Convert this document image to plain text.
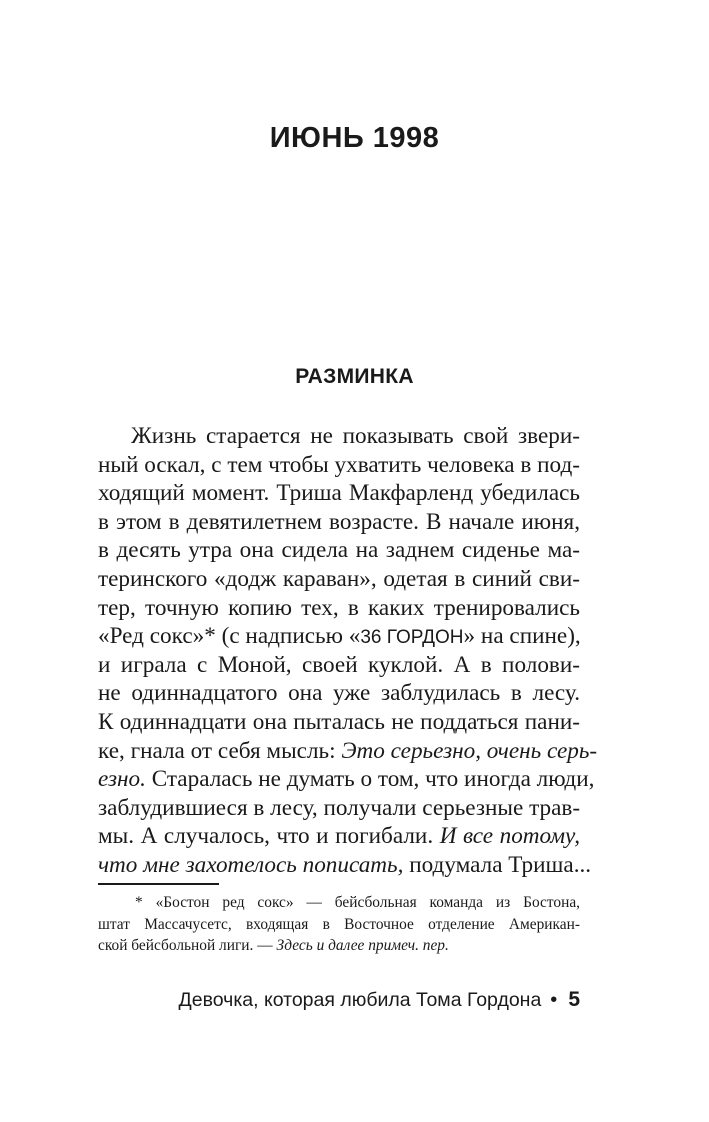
ИЮНЬ 1998
РАЗМИНКА
Жизнь старается не показывать свой звери-
ный оскал, с тем чтобы ухватить человека в под-
ходящий момент. Триша Макфарленд убедилась
в этом в девятилетнем возрасте. В начале июня,
в десять утра она сидела на заднем сиденье ма-
теринского «додж караван», одетая в синий сви-
тер, точную копию тех, в каких тренировались
«Ред сокс»* (с надписью «36 ГОРДОН» на спине),
и играла с Моной, своей куклой. А в полови-
не одиннадцатого она уже заблудилась в лесу.
К одиннадцати она пыталась не поддаться пани-
ке, гнала от себя мысль: Это серьезно, очень серь-
езно. Старалась не думать о том, что иногда люди,
заблудившиеся в лесу, получали серьезные трав-
мы. А случалось, что и погибали. И все потому,
что мне захотелось пописать, подумала Триша...
* «Бостон ред сокс» — бейсбольная команда из Бостона,
штат Массачусетс, входящая в Восточное отделение Американ-
ской бейсбольной лиги. — Здесь и далее примеч. пер.
Девочка, которая любила Тома Гордона • 5
